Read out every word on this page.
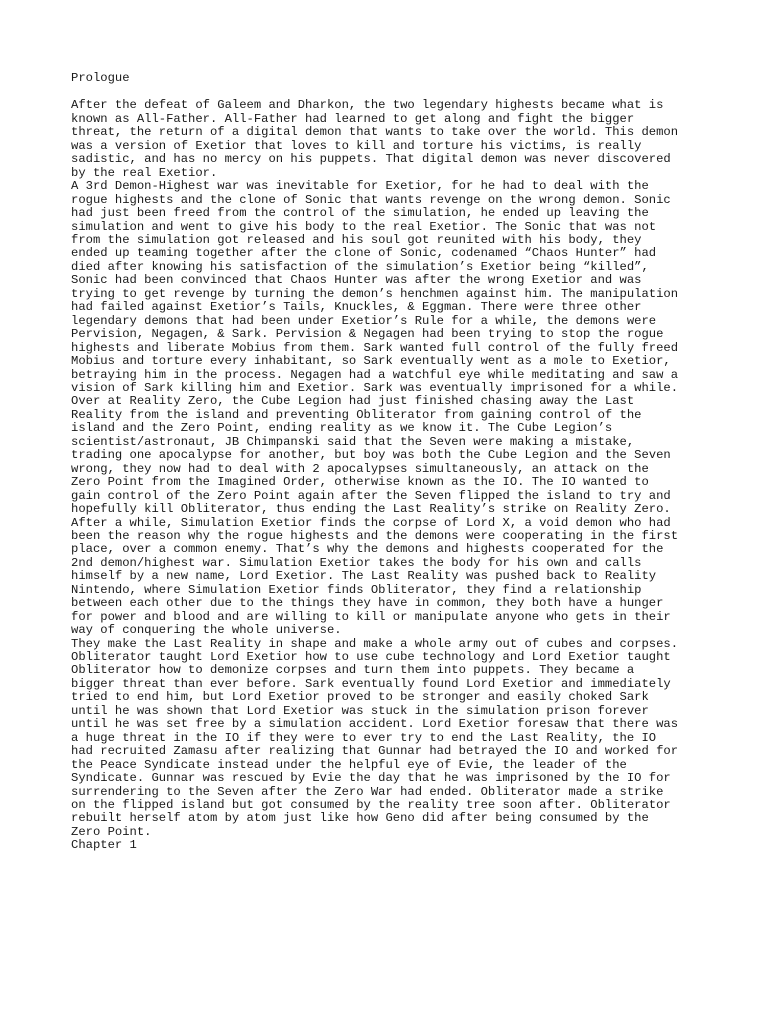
Prologue

After the defeat of Galeem and Dharkon, the two legendary highests became what is
known as All-Father. All-Father had learned to get along and fight the bigger
threat, the return of a digital demon that wants to take over the world. This demon
was a version of Exetior that loves to kill and torture his victims, is really
sadistic, and has no mercy on his puppets. That digital demon was never discovered
by the real Exetior.

A 3rd Demon-Highest war was inevitable for Exetior, for he had to deal with the
rogue highests and the clone of Sonic that wants revenge on the wrong demon. Sonic
had just been freed from the control of the simulation, he ended up leaving the
simulation and went to give his body to the real Exetior. The Sonic that was not
from the simulation got released and his soul got reunited with his body, they
ended up teaming together after the clone of Sonic, codenamed “Chaos Hunter” had
died after knowing his satisfaction of the simulation’s Exetior being “killed”,
Sonic had been convinced that Chaos Hunter was after the wrong Exetior and was
trying to get revenge by turning the demon’s henchmen against him. The manipulation
had failed against Exetior’s Tails, Knuckles, & Eggman. There were three other
legendary demons that had been under Exetior’s Rule for a while, the demons were
Pervision, Negagen, & Sark. Pervision & Negagen had been trying to stop the rogue
highests and liberate Mobius from them. Sark wanted full control of the fully freed
Mobius and torture every inhabitant, so Sark eventually went as a mole to Exetior,
betraying him in the process. Negagen had a watchful eye while meditating and saw a
vision of Sark killing him and Exetior. Sark was eventually imprisoned for a while.

Over at Reality Zero, the Cube Legion had just finished chasing away the Last
Reality from the island and preventing Obliterator from gaining control of the
island and the Zero Point, ending reality as we know it. The Cube Legion’s
scientist/astronaut, JB Chimpanski said that the Seven were making a mistake,
trading one apocalypse for another, but boy was both the Cube Legion and the Seven
wrong, they now had to deal with 2 apocalypses simultaneously, an attack on the
Zero Point from the Imagined Order, otherwise known as the IO. The IO wanted to
gain control of the Zero Point again after the Seven flipped the island to try and
hopefully kill Obliterator, thus ending the Last Reality’s strike on Reality Zero.

After a while, Simulation Exetior finds the corpse of Lord X, a void demon who had
been the reason why the rogue highests and the demons were cooperating in the first
place, over a common enemy. That’s why the demons and highests cooperated for the
2nd demon/highest war. Simulation Exetior takes the body for his own and calls
himself by a new name, Lord Exetior. The Last Reality was pushed back to Reality
Nintendo, where Simulation Exetior finds Obliterator, they find a relationship
between each other due to the things they have in common, they both have a hunger
for power and blood and are willing to kill or manipulate anyone who gets in their
way of conquering the whole universe.

They make the Last Reality in shape and make a whole army out of cubes and corpses.
Obliterator taught Lord Exetior how to use cube technology and Lord Exetior taught
Obliterator how to demonize corpses and turn them into puppets. They became a
bigger threat than ever before. Sark eventually found Lord Exetior and immediately
tried to end him, but Lord Exetior proved to be stronger and easily choked Sark
until he was shown that Lord Exetior was stuck in the simulation prison forever
until he was set free by a simulation accident. Lord Exetior foresaw that there was
a huge threat in the IO if they were to ever try to end the Last Reality, the IO
had recruited Zamasu after realizing that Gunnar had betrayed the IO and worked for
the Peace Syndicate instead under the helpful eye of Evie, the leader of the
Syndicate. Gunnar was rescued by Evie the day that he was imprisoned by the IO for
surrendering to the Seven after the Zero War had ended. Obliterator made a strike
on the flipped island but got consumed by the reality tree soon after. Obliterator
rebuilt herself atom by atom just like how Geno did after being consumed by the
Zero Point.

Chapter 1
